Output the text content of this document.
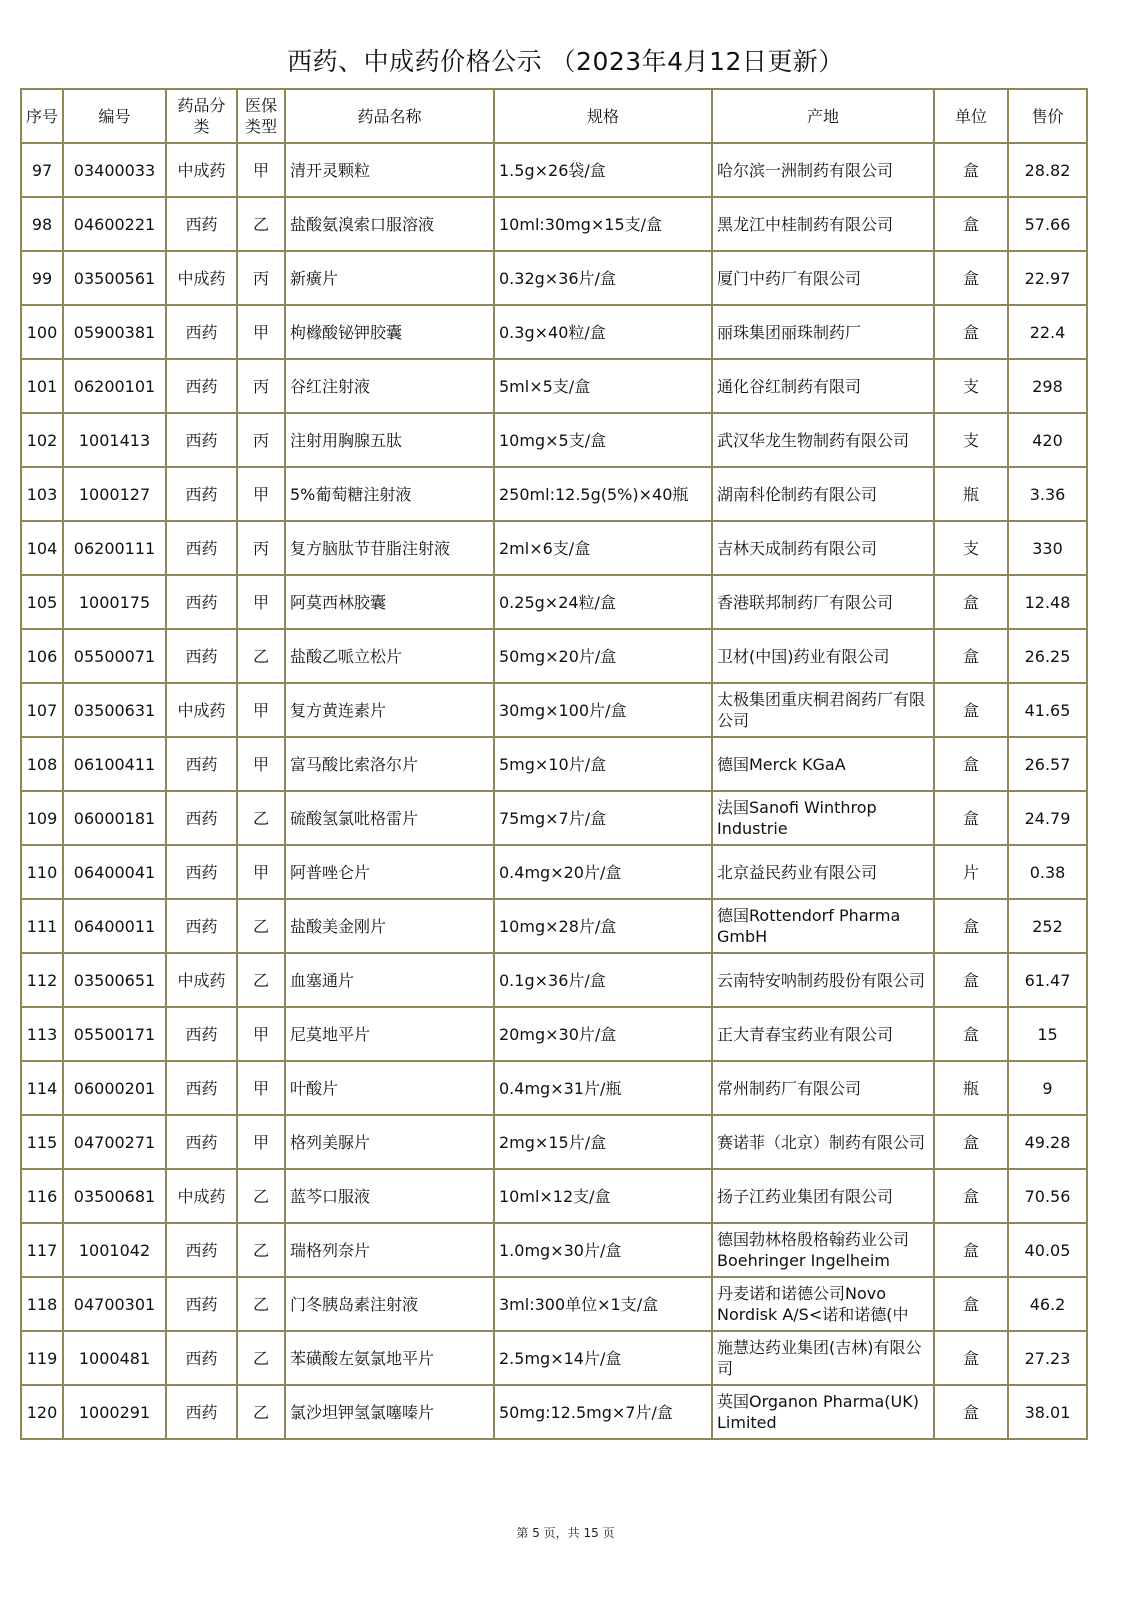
西药、中成药价格公示 （2023年4月12日更新）
序号	编号	药品分类	医保类型	药品名称	规格	产地	单位	售价
97	03400033	中成药	甲	清开灵颗粒	1.5g×26袋/盒	哈尔滨一洲制药有限公司	盒	28.82
98	04600221	西药	乙	盐酸氨溴索口服溶液	10ml:30mg×15支/盒	黑龙江中桂制药有限公司	盒	57.66
99	03500561	中成药	丙	新癀片	0.32g×36片/盒	厦门中药厂有限公司	盒	22.97
100	05900381	西药	甲	枸橼酸铋钾胶囊	0.3g×40粒/盒	丽珠集团丽珠制药厂	盒	22.4
101	06200101	西药	丙	谷红注射液	5ml×5支/盒	通化谷红制药有限司	支	298
102	1001413	西药	丙	注射用胸腺五肽	10mg×5支/盒	武汉华龙生物制药有限公司	支	420
103	1000127	西药	甲	5%葡萄糖注射液	250ml:12.5g(5%)×40瓶	湖南科伦制药有限公司	瓶	3.36
104	06200111	西药	丙	复方脑肽节苷脂注射液	2ml×6支/盒	吉林天成制药有限公司	支	330
105	1000175	西药	甲	阿莫西林胶囊	0.25g×24粒/盒	香港联邦制药厂有限公司	盒	12.48
106	05500071	西药	乙	盐酸乙哌立松片	50mg×20片/盒	卫材(中国)药业有限公司	盒	26.25
107	03500631	中成药	甲	复方黄连素片	30mg×100片/盒	太极集团重庆桐君阁药厂有限公司	盒	41.65
108	06100411	西药	甲	富马酸比索洛尔片	5mg×10片/盒	德国Merck KGaA	盒	26.57
109	06000181	西药	乙	硫酸氢氯吡格雷片	75mg×7片/盒	法国Sanofi Winthrop Industrie	盒	24.79
110	06400041	西药	甲	阿普唑仑片	0.4mg×20片/盒	北京益民药业有限公司	片	0.38
111	06400011	西药	乙	盐酸美金刚片	10mg×28片/盒	德国Rottendorf Pharma GmbH	盒	252
112	03500651	中成药	乙	血塞通片	0.1g×36片/盒	云南特安呐制药股份有限公司	盒	61.47
113	05500171	西药	甲	尼莫地平片	20mg×30片/盒	正大青春宝药业有限公司	盒	15
114	06000201	西药	甲	叶酸片	0.4mg×31片/瓶	常州制药厂有限公司	瓶	9
115	04700271	西药	甲	格列美脲片	2mg×15片/盒	赛诺菲（北京）制药有限公司	盒	49.28
116	03500681	中成药	乙	蓝芩口服液	10ml×12支/盒	扬子江药业集团有限公司	盒	70.56
117	1001042	西药	乙	瑞格列奈片	1.0mg×30片/盒	德国勃林格殷格翰药业公司 Boehringer Ingelheim	盒	40.05
118	04700301	西药	乙	门冬胰岛素注射液	3ml:300单位×1支/盒	丹麦诺和诺德公司Novo Nordisk A/S<诺和诺德(中	盒	46.2
119	1000481	西药	乙	苯磺酸左氨氯地平片	2.5mg×14片/盒	施慧达药业集团(吉林)有限公司	盒	27.23
120	1000291	西药	乙	氯沙坦钾氢氯噻嗪片	50mg:12.5mg×7片/盒	英国Organon Pharma(UK) Limited	盒	38.01
第 5 页，共 15 页
